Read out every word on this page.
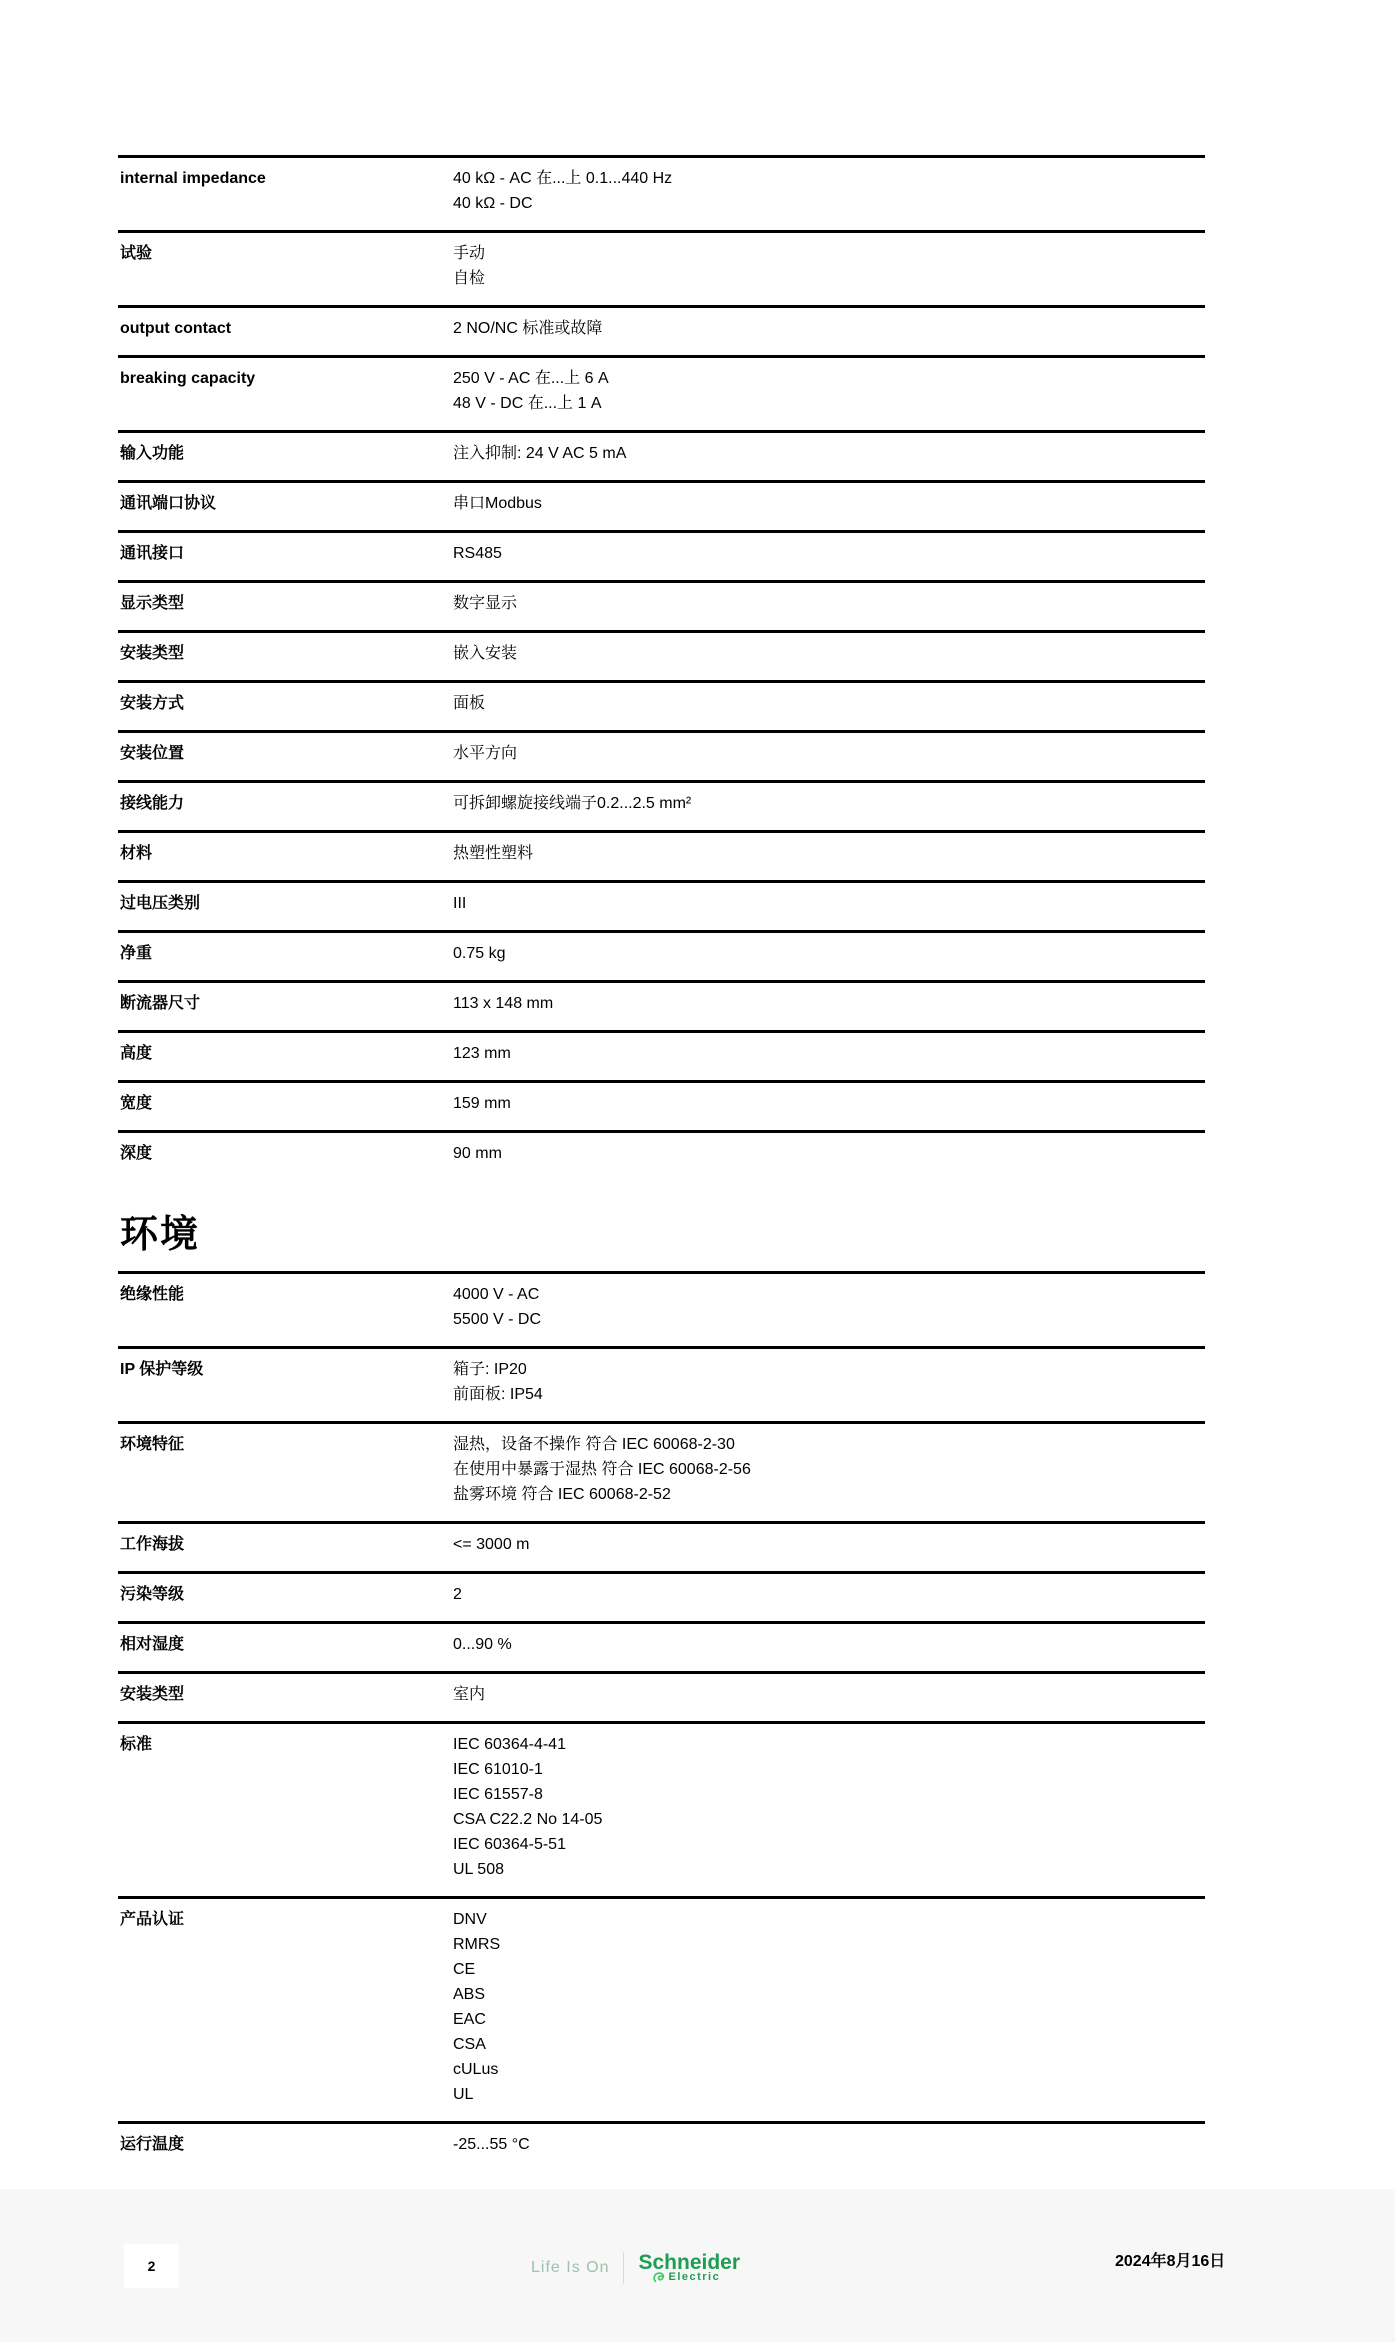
internal impedance	40 kΩ - AC 在...上 0.1...440 Hz
40 kΩ - DC
试验	手动
自检
output contact	2 NO/NC 标准或故障
breaking capacity	250 V - AC 在...上 6 A
48 V - DC 在...上 1 A
输入功能	注入抑制: 24 V AC 5 mA
通讯端口协议	串口Modbus
通讯接口	RS485
显示类型	数字显示
安装类型	嵌入安装
安装方式	面板
安装位置	水平方向
接线能力	可拆卸螺旋接线端子0.2...2.5 mm²
材料	热塑性塑料
过电压类别	III
净重	0.75 kg
断流器尺寸	113 x 148 mm
高度	123 mm
宽度	159 mm
深度	90 mm
环境
绝缘性能	4000 V - AC
5500 V - DC
IP 保护等级	箱子: IP20
前面板: IP54
环境特征	湿热，设备不操作 符合 IEC 60068-2-30
在使用中暴露于湿热 符合 IEC 60068-2-56
盐雾环境 符合 IEC 60068-2-52
工作海拔	<= 3000 m
污染等级	2
相对湿度	0...90 %
安装类型	室内
标准	IEC 60364-4-41
IEC 61010-1
IEC 61557-8
CSA C22.2 No 14-05
IEC 60364-5-51
UL 508
产品认证	DNV
RMRS
CE
ABS
EAC
CSA
cULus
UL
运行温度	-25...55 °C
2	Life Is On Schneider
Electric
2024年8月16日
